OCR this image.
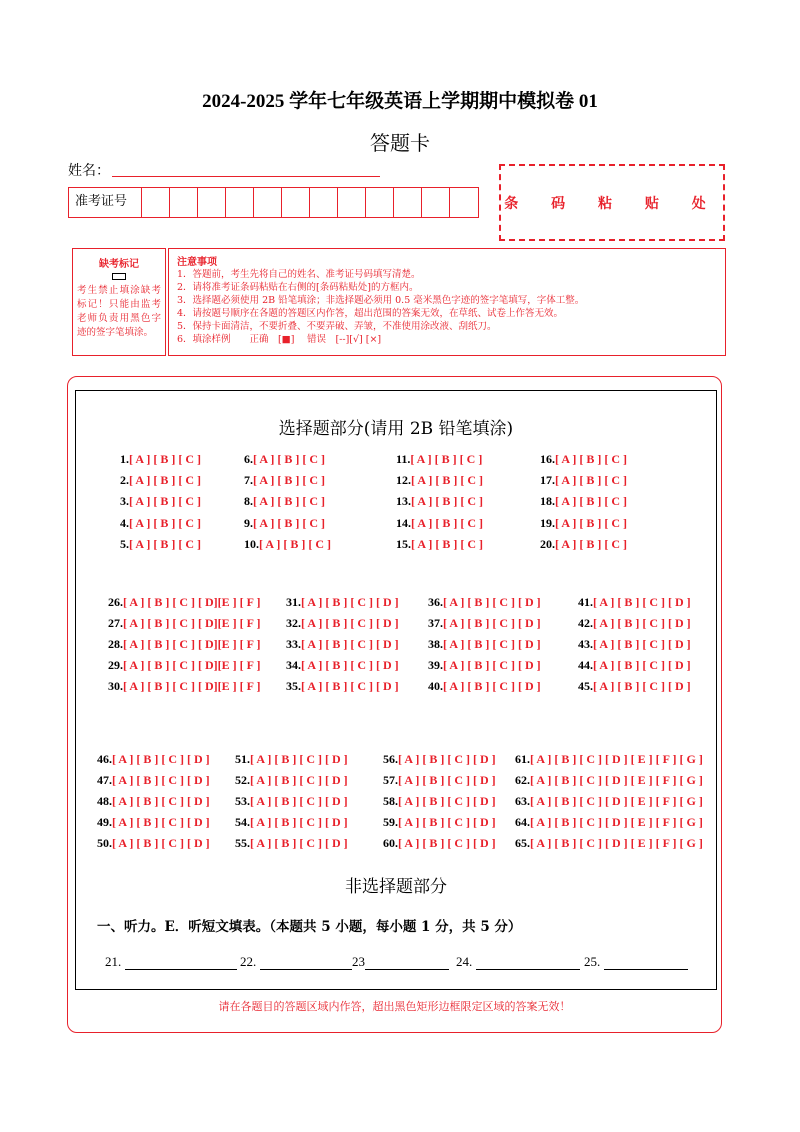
2024-2025 学年七年级英语上学期期中模拟卷 01
答题卡
姓名：
准考证号	条 码 粘 贴 处
缺考标记
考生禁止填涂缺考标记！只能由监考老师负责用黑色字迹的签字笔填涂。
注意事项
1．答题前，考生先将自己的姓名、准考证号码填写清楚。
2．请将准考证条码粘贴在右侧的[条码粘贴处]的方框内。
3．选择题必须使用 2B 铅笔填涂；非选择题必须用 0.5 毫米黑色字迹的签字笔填写，字体工整。
4．请按题号顺序在各题的答题区内作答，超出范围的答案无效，在草纸、试卷上作答无效。
5．保持卡面清洁，不要折叠、不要弄破、弄皱，不准使用涂改液、刮纸刀。
6．填涂样例　　正确　[■]　 错误　[--][√] [×]
选择题部分(请用 2B 铅笔填涂)
1.[ A ] [ B ] [ C ]
2.[ A ] [ B ] [ C ]
3.[ A ] [ B ] [ C ]
4.[ A ] [ B ] [ C ]
5.[ A ] [ B ] [ C ]
6.[ A ] [ B ] [ C ]
7.[ A ] [ B ] [ C ]
8.[ A ] [ B ] [ C ]
9.[ A ] [ B ] [ C ]
10.[ A ] [ B ] [ C ]
11.[ A ] [ B ] [ C ]
12.[ A ] [ B ] [ C ]
13.[ A ] [ B ] [ C ]
14.[ A ] [ B ] [ C ]
15.[ A ] [ B ] [ C ]
16.[ A ] [ B ] [ C ]
17.[ A ] [ B ] [ C ]
18.[ A ] [ B ] [ C ]
19.[ A ] [ B ] [ C ]
20.[ A ] [ B ] [ C ]
26.[ A ] [ B ] [ C ] [ D][E ] [ F ]
27.[ A ] [ B ] [ C ] [ D][E ] [ F ]
28.[ A ] [ B ] [ C ] [ D][E ] [ F ]
29.[ A ] [ B ] [ C ] [ D][E ] [ F ]
30.[ A ] [ B ] [ C ] [ D][E ] [ F ]
31.[ A ] [ B ] [ C ] [ D ]
32.[ A ] [ B ] [ C ] [ D ]
33.[ A ] [ B ] [ C ] [ D ]
34.[ A ] [ B ] [ C ] [ D ]
35.[ A ] [ B ] [ C ] [ D ]
36.[ A ] [ B ] [ C ] [ D ]
37.[ A ] [ B ] [ C ] [ D ]
38.[ A ] [ B ] [ C ] [ D ]
39.[ A ] [ B ] [ C ] [ D ]
40.[ A ] [ B ] [ C ] [ D ]
41.[ A ] [ B ] [ C ] [ D ]
42.[ A ] [ B ] [ C ] [ D ]
43.[ A ] [ B ] [ C ] [ D ]
44.[ A ] [ B ] [ C ] [ D ]
45.[ A ] [ B ] [ C ] [ D ]
46.[ A ] [ B ] [ C ] [ D ]
47.[ A ] [ B ] [ C ] [ D ]
48.[ A ] [ B ] [ C ] [ D ]
49.[ A ] [ B ] [ C ] [ D ]
50.[ A ] [ B ] [ C ] [ D ]
51.[ A ] [ B ] [ C ] [ D ]
52.[ A ] [ B ] [ C ] [ D ]
53.[ A ] [ B ] [ C ] [ D ]
54.[ A ] [ B ] [ C ] [ D ]
55.[ A ] [ B ] [ C ] [ D ]
56.[ A ] [ B ] [ C ] [ D ]
57.[ A ] [ B ] [ C ] [ D ]
58.[ A ] [ B ] [ C ] [ D ]
59.[ A ] [ B ] [ C ] [ D ]
60.[ A ] [ B ] [ C ] [ D ]
61.[ A ] [ B ] [ C ] [ D ] [ E ] [ F ] [ G ]
62.[ A ] [ B ] [ C ] [ D ] [ E ] [ F ] [ G ]
63.[ A ] [ B ] [ C ] [ D ] [ E ] [ F ] [ G ]
64.[ A ] [ B ] [ C ] [ D ] [ E ] [ F ] [ G ]
65.[ A ] [ B ] [ C ] [ D ] [ E ] [ F ] [ G ]
非选择题部分
一、听力。E．听短文填表。（本题共 5 小题，每小题 1 分，共 5 分）
21.	22.	23	24.	25.
请在各题目的答题区域内作答，超出黑色矩形边框限定区域的答案无效！
